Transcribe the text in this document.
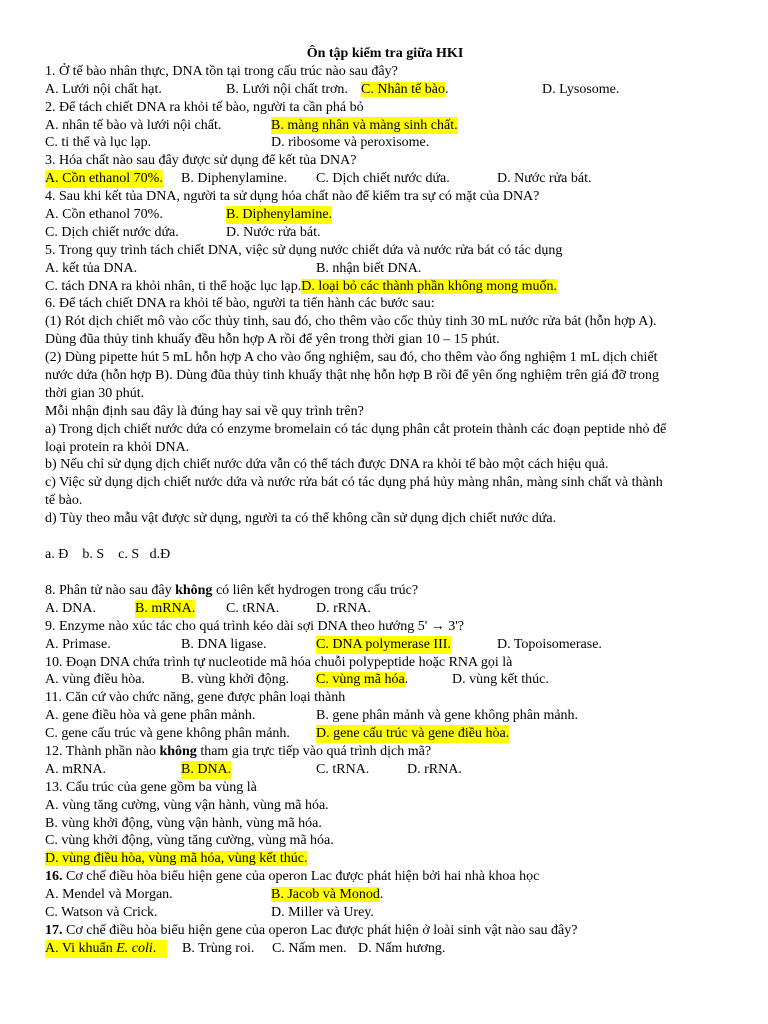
Ôn tập kiểm tra giữa HKI
1. Ở tế bào nhân thực, DNA tồn tại trong cấu trúc nào sau đây?
A. Lưới nội chất hạt.	B. Lưới nội chất trơn. C. Nhân tế bào.	D. Lysosome.
2. Để tách chiết DNA ra khỏi tế bào, người ta cần phá bỏ
A. nhân tế bào và lưới nội chất.	B. màng nhân và màng sinh chất.
C. ti thể và lục lạp.	D. ribosome và peroxisome.
3. Hóa chất nào sau đây được sử dụng để kết tủa DNA?
A. Cồn ethanol 70%. B. Diphenylamine. C. Dịch chiết nước dứa.	D. Nước rửa bát.
4. Sau khi kết tủa DNA, người ta sử dụng hóa chất nào để kiểm tra sự có mặt của DNA?
A. Cồn ethanol 70%.	B. Diphenylamine.
C. Dịch chiết nước dứa.	D. Nước rửa bát.
5. Trong quy trình tách chiết DNA, việc sử dụng nước chiết dứa và nước rửa bát có tác dụng
A. kết tủa DNA.	B. nhận biết DNA.
C. tách DNA ra khỏi nhân, ti thể hoặc lục lạp.D. loại bỏ các thành phần không mong muốn.
6. Để tách chiết DNA ra khỏi tế bào, người ta tiến hành các bước sau:
(1) Rót dịch chiết mô vào cốc thủy tinh, sau đó, cho thêm vào cốc thủy tinh 30 mL nước rửa bát (hỗn hợp A).
Dùng đũa thủy tinh khuấy đều hỗn hợp A rồi để yên trong thời gian 10 – 15 phút.
(2) Dùng pipette hút 5 mL hỗn hợp A cho vào ống nghiệm, sau đó, cho thêm vào ống nghiệm 1 mL dịch chiết
nước dứa (hỗn hợp B). Dùng đũa thủy tinh khuấy thật nhẹ hỗn hợp B rồi để yên ống nghiệm trên giá đỡ trong
thời gian 30 phút.
Mỗi nhận định sau đây là đúng hay sai về quy trình trên?
a) Trong dịch chiết nước dứa có enzyme bromelain có tác dụng phân cắt protein thành các đoạn peptide nhỏ để
loại protein ra khỏi DNA.
b) Nếu chỉ sử dụng dịch chiết nước dứa vẫn có thể tách được DNA ra khỏi tế bào một cách hiệu quả.
c) Việc sử dụng dịch chiết nước dứa và nước rửa bát có tác dụng phá hủy màng nhân, màng sinh chất và thành
tế bào.
d) Tùy theo mẫu vật được sử dụng, người ta có thể không cần sử dụng dịch chiết nước dứa.
a. Đ    b. S    c. S   d.Đ
8. Phân tử nào sau đây không có liên kết hydrogen trong cấu trúc?
A. DNA.	B. mRNA. C. tRNA.	D. rRNA.
9. Enzyme nào xúc tác cho quá trình kéo dài sợi DNA theo hướng 5' → 3'?
A. Primase.	B. DNA ligase.	C. DNA polymerase III.	D. Topoisomerase.
10. Đoạn DNA chứa trình tự nucleotide mã hóa chuỗi polypeptide hoặc RNA gọi là
A. vùng điều hòa.	B. vùng khởi động. C. vùng mã hóa.	D. vùng kết thúc.
11. Căn cứ vào chức năng, gene được phân loại thành
A. gene điều hòa và gene phân mảnh.	B. gene phân mảnh và gene không phân mảnh.
C. gene cấu trúc và gene không phân mảnh. D. gene cấu trúc và gene điều hòa.
12. Thành phần nào không tham gia trực tiếp vào quá trình dịch mã?
A. mRNA.	B. DNA.	C. tRNA.	D. rRNA.
13. Cấu trúc của gene gồm ba vùng là
A. vùng tăng cường, vùng vận hành, vùng mã hóa.
B. vùng khởi động, vùng vận hành, vùng mã hóa.
C. vùng khởi động, vùng tăng cường, vùng mã hóa.
D. vùng điều hòa, vùng mã hóa, vùng kết thúc.
16. Cơ chế điều hòa biểu hiện gene của operon Lac được phát hiện bởi hai nhà khoa học
A. Mendel và Morgan.	B. Jacob và Monod.
C. Watson và Crick.	D. Miller và Urey.
17. Cơ chế điều hòa biểu hiện gene của operon Lac được phát hiện ở loài sinh vật nào sau đây?
A. Vi khuẩn E. coli. B. Trùng roi. C. Nấm men. D. Nấm hương.
